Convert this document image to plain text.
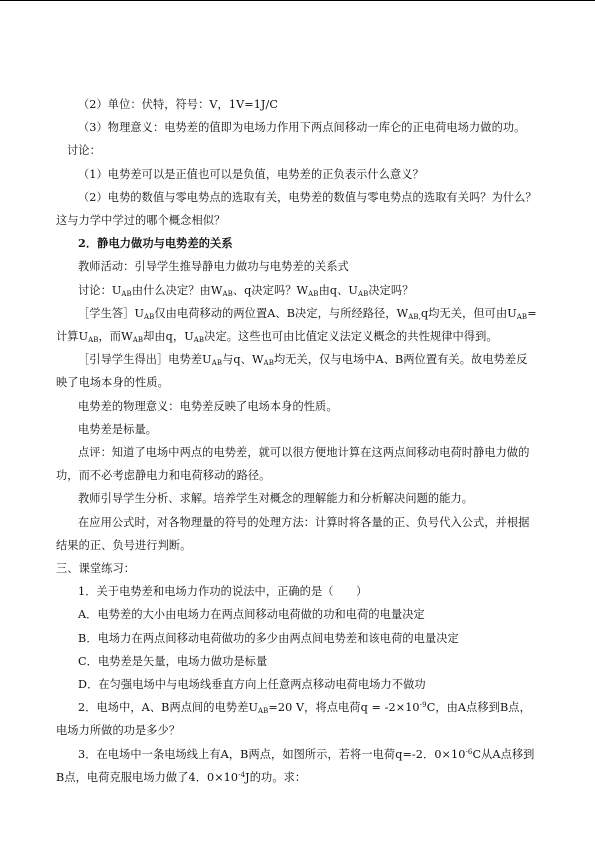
（2）单位：伏特，符号：V，1V=1J/C

（3）物理意义：电势差的值即为电场力作用下两点间移动一库仑的正电荷电场力做的功。

讨论：

（1）电势差可以是正值也可以是负值，电势差的正负表示什么意义？

（2）电势的数值与零电势点的选取有关，电势差的数值与零电势点的选取有关吗？为什么？这与力学中学过的哪个概念相似？

2．静电力做功与电势差的关系

教师活动：引导学生推导静电力做功与电势差的关系式

讨论：$U_{AB}$由什么决定？由$W_{AB}$、q决定吗？$W_{AB}$由q、$U_{AB}$决定吗？

［学生答$]U_{AB}$仅由电荷移动的两位置A、B决定，与所经路径，$W_{AB,}q$均无关，但可由$U_{AB}=$ 计算$U_{AB}$，而$W_{AB}$却由q，$U_{AB}$决定。这些也可由比值定义法定义概念的共性规律中得到。

［引导学生得出］电势差$U_{AB}$与q、$W_{AB}$均无关，仅与电场中A、B两位置有关。故电势差反映了电场本身的性质。

电势差的物理意义：电势差反映了电场本身的性质。

电势差是标量。

点评：知道了电场中两点的电势差，就可以很方便地计算在这两点间移动电荷时静电力做的功，而不必考虑静电力和电荷移动的路径。

教师引导学生分析、求解。培养学生对概念的理解能力和分析解决问题的能力。

在应用公式时，对各物理量的符号的处理方法：计算时将各量的正、负号代入公式，并根据结果的正、负号进行判断。

三、课堂练习：

1．关于电势差和电场力作功的说法中，正确的是（　　）

A．电势差的大小由电场力在两点间移动电荷做的功和电荷的电量决定

B．电场力在两点间移动电荷做功的多少由两点间电势差和该电荷的电量决定

C．电势差是矢量，电场力做功是标量

D．在匀强电场中与电场线垂直方向上任意两点移动电荷电场力不做功

2．电场中，A、B两点间的电势差$U_{AB}=20$ V，将点电荷$q = -2\times 10^{-9}C$，由A点移到B点，电场力所做的功是多少？

3．在电场中一条电场线上有A，B两点，如图所示，若将一电荷q=-2．$0\times 10^{-6}C$从A点移到B点，电荷克服电场力做了4．$0\times 10^{-4}J$的功。求：
